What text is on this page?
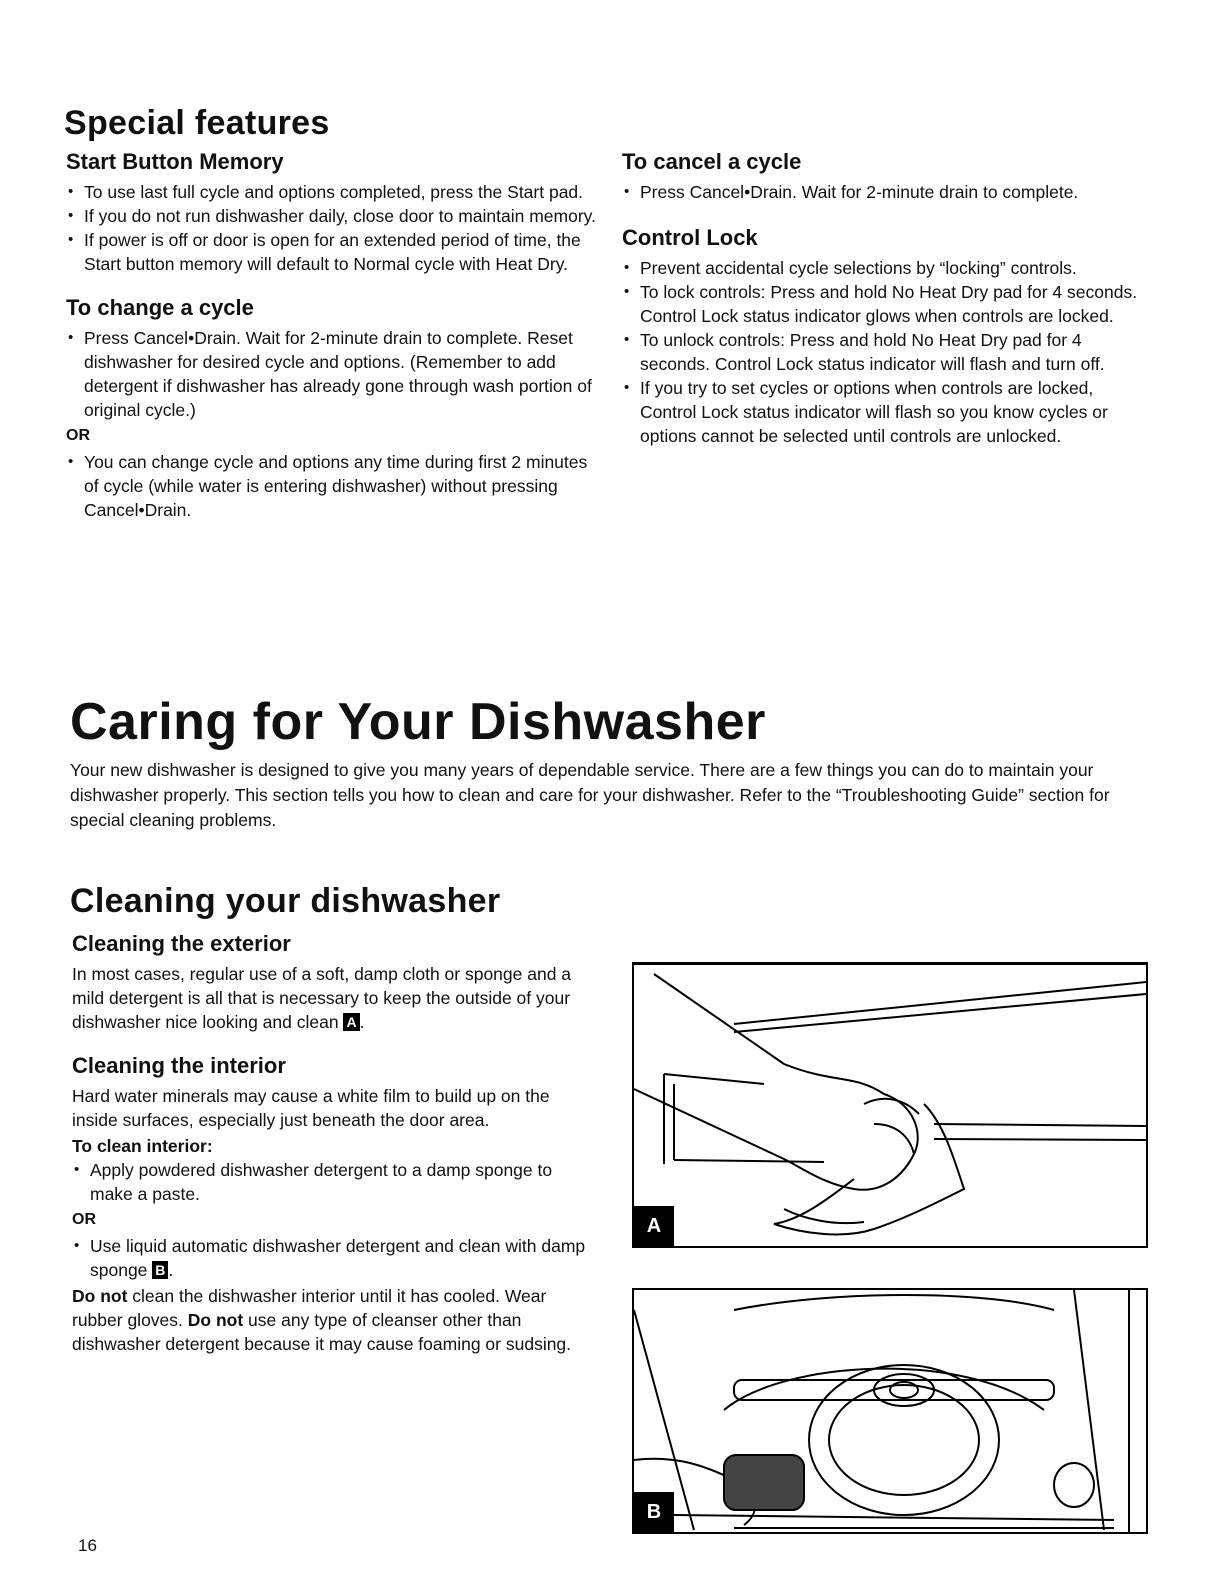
Special features
Start Button Memory
• To use last full cycle and options completed, press the Start pad.
• If you do not run dishwasher daily, close door to maintain memory.
• If power is off or door is open for an extended period of time, the Start button memory will default to Normal cycle with Heat Dry.
To change a cycle
• Press Cancel•Drain. Wait for 2-minute drain to complete. Reset dishwasher for desired cycle and options. (Remember to add detergent if dishwasher has already gone through wash portion of original cycle.)
OR
• You can change cycle and options any time during first 2 minutes of cycle (while water is entering dishwasher) without pressing Cancel•Drain.
To cancel a cycle
• Press Cancel•Drain. Wait for 2-minute drain to complete.
Control Lock
• Prevent accidental cycle selections by “locking” controls.
• To lock controls: Press and hold No Heat Dry pad for 4 seconds. Control Lock status indicator glows when controls are locked.
• To unlock controls: Press and hold No Heat Dry pad for 4 seconds. Control Lock status indicator will flash and turn off.
• If you try to set cycles or options when controls are locked, Control Lock status indicator will flash so you know cycles or options cannot be selected until controls are unlocked.
Caring for Your Dishwasher

Your new dishwasher is designed to give you many years of dependable service. There are a few things you can do to maintain your dishwasher properly. This section tells you how to clean and care for your dishwasher. Refer to the “Troubleshooting Guide” section for special cleaning problems.

Cleaning your dishwasher
Cleaning the exterior

In most cases, regular use of a soft, damp cloth or sponge and a mild detergent is all that is necessary to keep the outside of your dishwasher nice looking and clean A .

Cleaning the interior

Hard water minerals may cause a white film to build up on the inside surfaces, especially just beneath the door area.

To clean interior:
• Apply powdered dishwasher detergent to a damp sponge to make a paste.
OR
• Use liquid automatic dishwasher detergent and clean with damp sponge B .

Do not clean the dishwasher interior until it has cooled. Wear rubber gloves. Do not use any type of cleanser other than dishwasher detergent because it may cause foaming or sudsing.

A
B
16
